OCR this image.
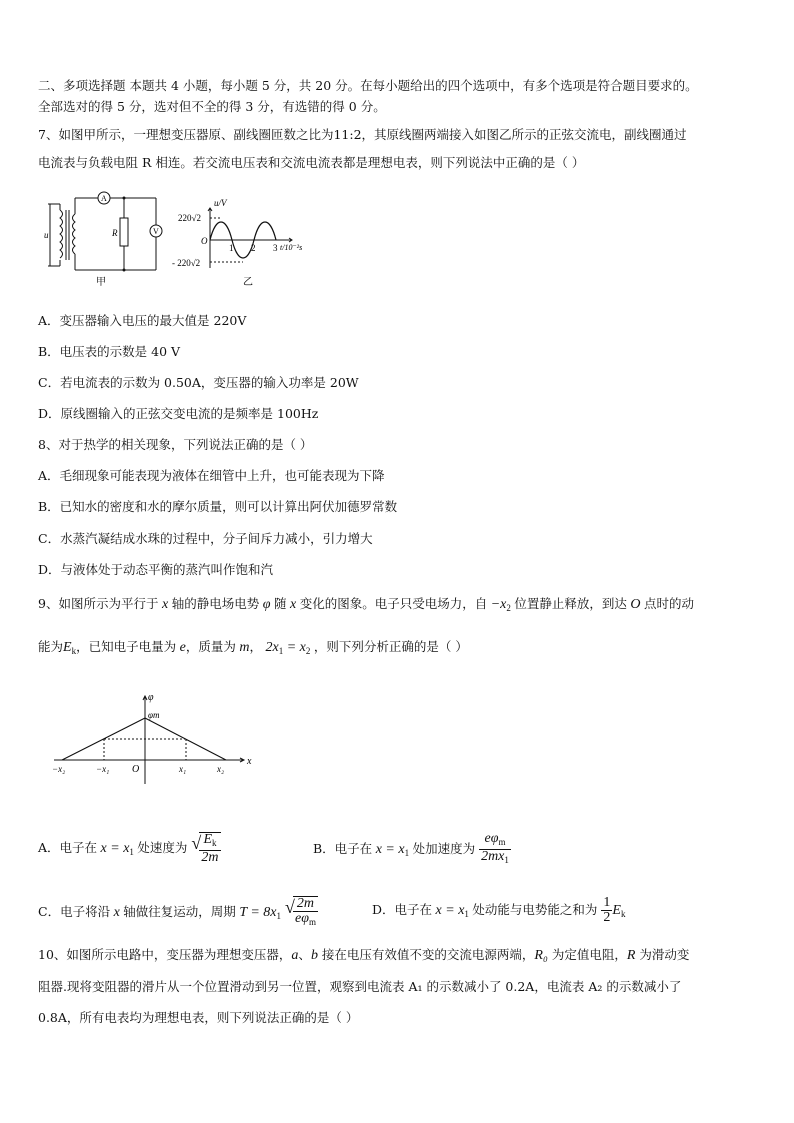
二、多项选择题 本题共 4 小题，每小题 5 分，共 20 分。在每小题给出的四个选项中，有多个选项是符合题目要求的。
全部选对的得 5 分，选对但不全的得 3 分，有选错的得 0 分。
7、如图甲所示，一理想变压器原、副线圈匝数之比为11:2，其原线圈两端接入如图乙所示的正弦交流电，副线圈通过
电流表与负载电阻 R 相连。若交流电压表和交流电流表都是理想电表，则下列说法中正确的是（ ）
u
A
R	V
甲
u/V
220√2
O
- 220√2
1 2 3 t/10⁻²s
乙
A．变压器输入电压的最大值是 220V
B．电压表的示数是 40 V
C．若电流表的示数为 0.50A，变压器的输入功率是 20W
D．原线圈输入的正弦交变电流的是频率是 100Hz
8、对于热学的相关现象，下列说法正确的是（ ）
A．毛细现象可能表现为液体在细管中上升，也可能表现为下降
B．已知水的密度和水的摩尔质量，则可以计算出阿伏加德罗常数
C．水蒸汽凝结成水珠的过程中，分子间斥力减小，引力增大
D．与液体处于动态平衡的蒸汽叫作饱和汽
9、如图所示为平行于 x 轴的静电场电势 φ 随 x 变化的图象。电子只受电场力，自 $-x_2$ 位置静止释放，到达 O 点时的动
能为$E_k$，已知电子电量为 e，质量为 m， $2x_1 = x_2$ ，则下列分析正确的是（ ）
φ
φm
x
−x₂	−x₁ O	x₁	x₂
A．电子在 $x = x_1$ 处速度为 √
$\frac{E_k}{2m}$	B．电子在 $x = x_1$ 处加速度为 $\frac{e\varphi_m}{2mx_1}$
C．电子将沿 x 轴做往复运动，周期 $T = 8x_1$ √
$\frac{2m}{e\varphi_m}$	D．电子在 $x = x_1$ 处动能与电势能之和为 $\frac{1}{2} E_k$
10、如图所示电路中，变压器为理想变压器，a、b 接在电压有效值不变的交流电源两端，R₀ 为定值电阻，R 为滑动变
阻器.现将变阻器的滑片从一个位置滑动到另一位置，观察到电流表 A₁ 的示数减小了 0.2A，电流表 A₂ 的示数减小了
0.8A，所有电表均为理想电表，则下列说法正确的是（ ）
